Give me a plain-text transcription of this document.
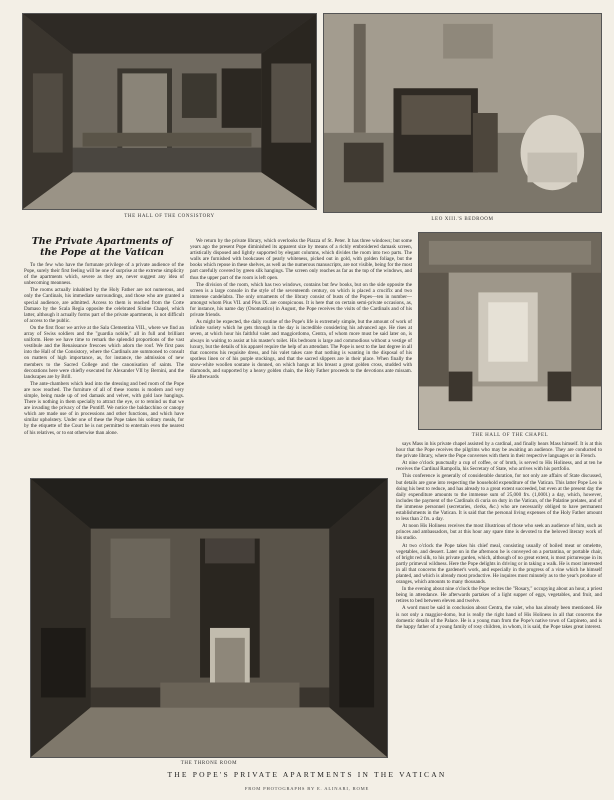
THE HALL OF THE CONSISTORY
LEO XIII.'S BEDROOM
THE HALL OF THE CHAPEL
THE THRONE ROOM
The Private Apartments of the Pope at the Vatican

To the few who have the fortunate privilege of a private audience of the Pope, surely their first feeling will be one of surprise at the extreme simplicity of the apartments which, severe as they are, never suggest any idea of unbecoming meanness.

The rooms actually inhabited by the Holy Father are not numerous, and only the Cardinals, his immediate surroundings, and those who are granted a special audience, are admitted. Access to them is reached from the Corte Damaso by the Scala Regia opposite the celebrated Sistine Chapel, which latter, although it actually forms part of the private apartments, is not difficult of access to the public.

On the first floor we arrive at the Sala Clementina VIII., where we find an array of Swiss soldiers and the "guardia nobile," all in full and brilliant uniform. Here we have time to remark the splendid proportions of the vast vestibule and the Renaissance frescoes which adorn the roof. We first pass into the Hall of the Consistory, where the Cardinals are summoned to consult on matters of high importance, as, for instance, the admission of new members to the Sacred College and the canonisation of saints. The decorations here were chiefly executed for Alexander VII by Bernini, and the landscapes are by Brill.

The ante-chambers which lead into the dressing and bed room of the Pope are now reached. The furniture of all of these rooms is modern and very simple, being made up of red damask and velvet, with gold lace hangings. There is nothing in them specially to attract the eye, or to remind us that we are invading the privacy of the Pontiff. We notice the baldacchino or canopy which are made use of in processions and other functions, and which have similar upholstery. Under one of these the Pope takes his solitary meals, for by the etiquette of the Court he is not permitted to entertain even the nearest of his relatives, or to eat otherwise than alone.

We return by the private library, which overlooks the Piazza of St. Peter. It has three windows; but some years ago the present Pope diminished its apparent size by means of a richly embroidered damask screen, artistically disposed and lightly supported by elegant columns, which divides the room into two parts. The walls are furnished with bookcases of pearly whiteness, picked out in gold, with golden foliage, but the books which repose in these shelves, as well as the numerous manuscripts, are not visible, being for the most part carefully covered by green silk hangings. The screen only reaches as far as the top of the windows, and thus the upper part of the room is left open.

The division of the room, which has two windows, contains but few books, but on the side opposite the screen is a large console in the style of the seventeenth century, on which is placed a crucifix and two immense candelabra. The only ornaments of the library consist of busts of the Popes—ten in number—amongst whom Pius VII. and Pius IX. are conspicuous. It is here that on certain semi-private occasions, as, for instance, his name day (Onomastico) in August, the Pope receives the visits of the Cardinals and of his private friends.

As might be expected, the daily routine of the Pope's life is extremely simple, but the amount of work of infinite variety which he gets through in the day is incredible considering his advanced age. He rises at seven, at which hour his faithful valet and maggiordomo, Centra, of whom more must be said later on, is always in waiting to assist at his master's toilet. His bedroom is large and commodious without a vestige of luxury, but the details of his apparel require the help of an attendant. The Pope is next to the last degree in all that concerns his requisite dress, and his valet takes care that nothing is wanting in the disposal of his spotless linen or of his purple stockings, and that the sacred slippers are in their place. When finally the snow-white woollen soutane is donned, on which hangs at his breast a great golden cross, studded with diamonds, and supported by a heavy golden chain, the Holy Father proceeds to the devotions ante missam. He afterwards

says Mass in his private chapel assisted by a cardinal, and finally hears Mass himself. It is at this hour that the Pope receives the pilgrims who may be awaiting an audience. They are conducted to the private library, where the Pope converses with them in their respective languages or in French.

At nine o'clock punctually a cup of coffee, or of broth, is served to His Holiness, and at ten he receives the Cardinal Rampolla, his Secretary of State, who arrives with his portfolio.

This conference is generally of considerable duration, for not only are affairs of State discussed, but details are gone into respecting the household expenditure of the Vatican. This latter Pope Leo is doing his best to reduce, and has already to a great extent succeeded, but even at the present day the daily expenditure amounts to the immense sum of 25,000 frs. (1,000l.) a day, which, however, includes the payment of the Cardinals di curia on duty in the Vatican, of the Palatine prelates, and of the immense personnel (secretaries, clerks, &c.) who are necessarily obliged to have permanent establishments in the Vatican. It is said that the personal living expenses of the Holy Father amount to less than 2 frs. a day.

At noon His Holiness receives the most illustrious of those who seek an audience of him, such as princes and ambassadors, but at this hour any spare time is devoted to the beloved literary work of his studio.

At two o'clock the Pope takes his chief meal, consisting usually of boiled meat or omelette, vegetables, and dessert. Later on in the afternoon he is conveyed on a portantina, or portable chair, of bright red silk, to his private garden, which, although of no great extent, is most picturesque in its partly primeval wildness. Here the Pope delights in driving or in taking a walk. He is most interested in all that concerns the gardener's work, and especially in the progress of a vine which he himself planted, and which is already most productive. He inquires most minutely as to the year's produce of oranges, which amounts to many thousands.

In the evening about nine o'clock the Pope recites the "Rosary," occupying about an hour, a priest being in attendance. He afterwards partakes of a light supper of eggs, vegetables, and fruit, and retires to bed between eleven and twelve.

A word must be said in conclusion about Centra, the valet, who has already been mentioned. He is not only a maggior-domo, but is really the right hand of His Holiness in all that concerns the domestic details of the Palace. He is a young man from the Pope's native town of Carpineto, and is the happy father of a young family of rosy children, in whom, it is said, the Pope takes great interest.

THE POPE'S PRIVATE APARTMENTS IN THE VATICAN
FROM PHOTOGRAPHS BY E. ALINARI, ROME
